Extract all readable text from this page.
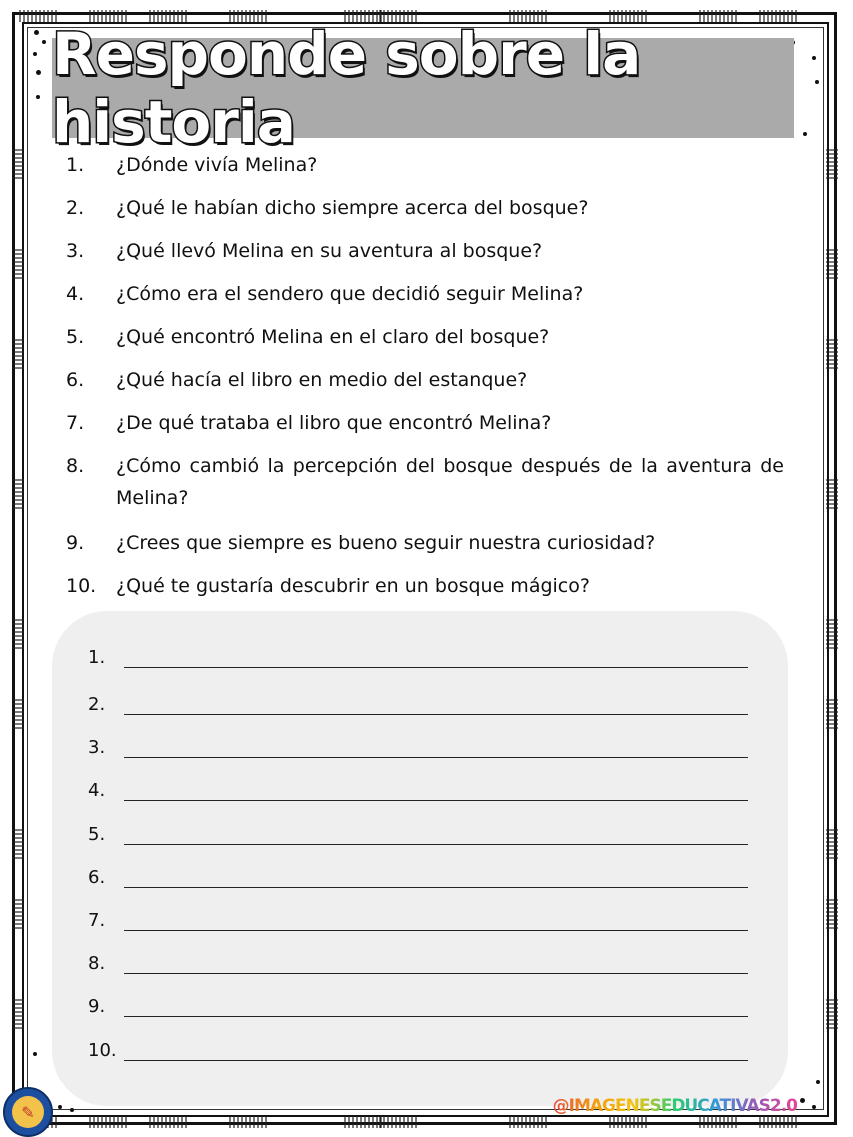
Responde sobre la historia
1.	¿Dónde vivía Melina?
2.	¿Qué le habían dicho siempre acerca del bosque?
3.	¿Qué llevó Melina en su aventura al bosque?
4.	¿Cómo era el sendero que decidió seguir Melina?
5.	¿Qué encontró Melina en el claro del bosque?
6.	¿Qué hacía el libro en medio del estanque?
7.	¿De qué trataba el libro que encontró Melina?
8.	¿Cómo cambió la percepción del bosque después de la aventura de Melina?
9.	¿Crees que siempre es bueno seguir nuestra curiosidad?
10.	¿Qué te gustaría descubrir en un bosque mágico?
1.
2.
3.
4.
5.
6.
7.
8.
9.
10.
✎	@IMAGENESEDUCATIVAS2.0
